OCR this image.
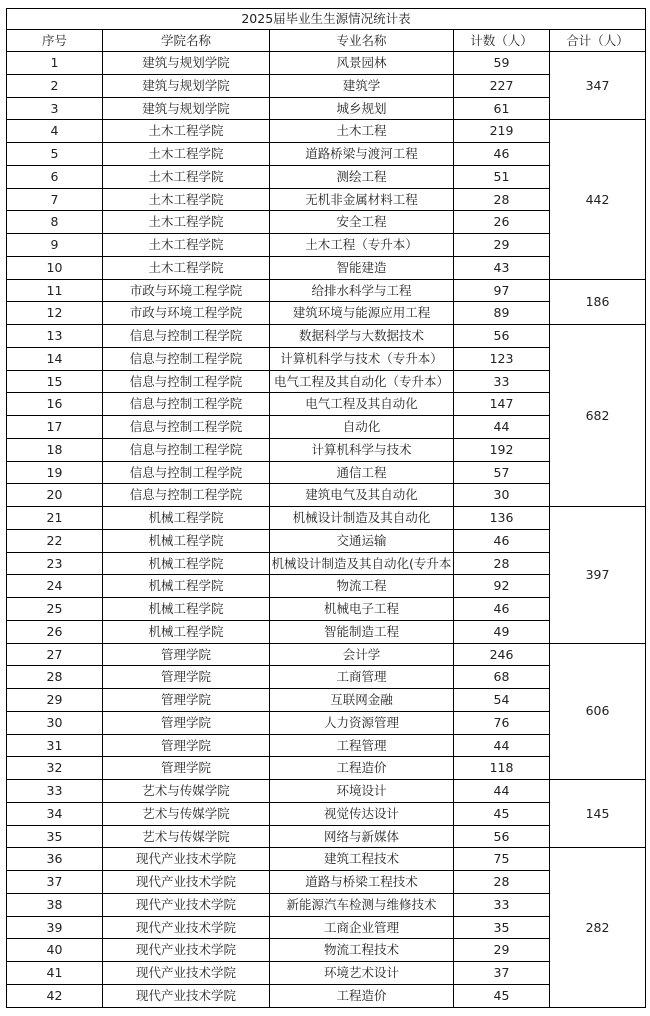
2025届毕业生生源情况统计表				
序号	学院名称	专业名称	计数（人）	合计（人）
1	建筑与规划学院	风景园林	59	347
2	建筑与规划学院	建筑学	227	
3	建筑与规划学院	城乡规划	61	
4	土木工程学院	土木工程	219	442
5	土木工程学院	道路桥梁与渡河工程	46	
6	土木工程学院	测绘工程	51	
7	土木工程学院	无机非金属材料工程	28	
8	土木工程学院	安全工程	26	
9	土木工程学院	土木工程（专升本）	29	
10	土木工程学院	智能建造	43	
11	市政与环境工程学院	给排水科学与工程	97	186
12	市政与环境工程学院	建筑环境与能源应用工程	89	
13	信息与控制工程学院	数据科学与大数据技术	56	682
14	信息与控制工程学院	计算机科学与技术（专升本）	123	
15	信息与控制工程学院	电气工程及其自动化（专升本）	33	
16	信息与控制工程学院	电气工程及其自动化	147	
17	信息与控制工程学院	自动化	44	
18	信息与控制工程学院	计算机科学与技术	192	
19	信息与控制工程学院	通信工程	57	
20	信息与控制工程学院	建筑电气及其自动化	30	
21	机械工程学院	机械设计制造及其自动化	136	397
22	机械工程学院	交通运输	46	
23	机械工程学院	机械设计制造及其自动化(专升本	28	
24	机械工程学院	物流工程	92	
25	机械工程学院	机械电子工程	46	
26	机械工程学院	智能制造工程	49	
27	管理学院	会计学	246	606
28	管理学院	工商管理	68	
29	管理学院	互联网金融	54	
30	管理学院	人力资源管理	76	
31	管理学院	工程管理	44	
32	管理学院	工程造价	118	
33	艺术与传媒学院	环境设计	44	145
34	艺术与传媒学院	视觉传达设计	45	
35	艺术与传媒学院	网络与新媒体	56	
36	现代产业技术学院	建筑工程技术	75	282
37	现代产业技术学院	道路与桥梁工程技术	28	
38	现代产业技术学院	新能源汽车检测与维修技术	33	
39	现代产业技术学院	工商企业管理	35	
40	现代产业技术学院	物流工程技术	29	
41	现代产业技术学院	环境艺术设计	37	
42	现代产业技术学院	工程造价	45	
